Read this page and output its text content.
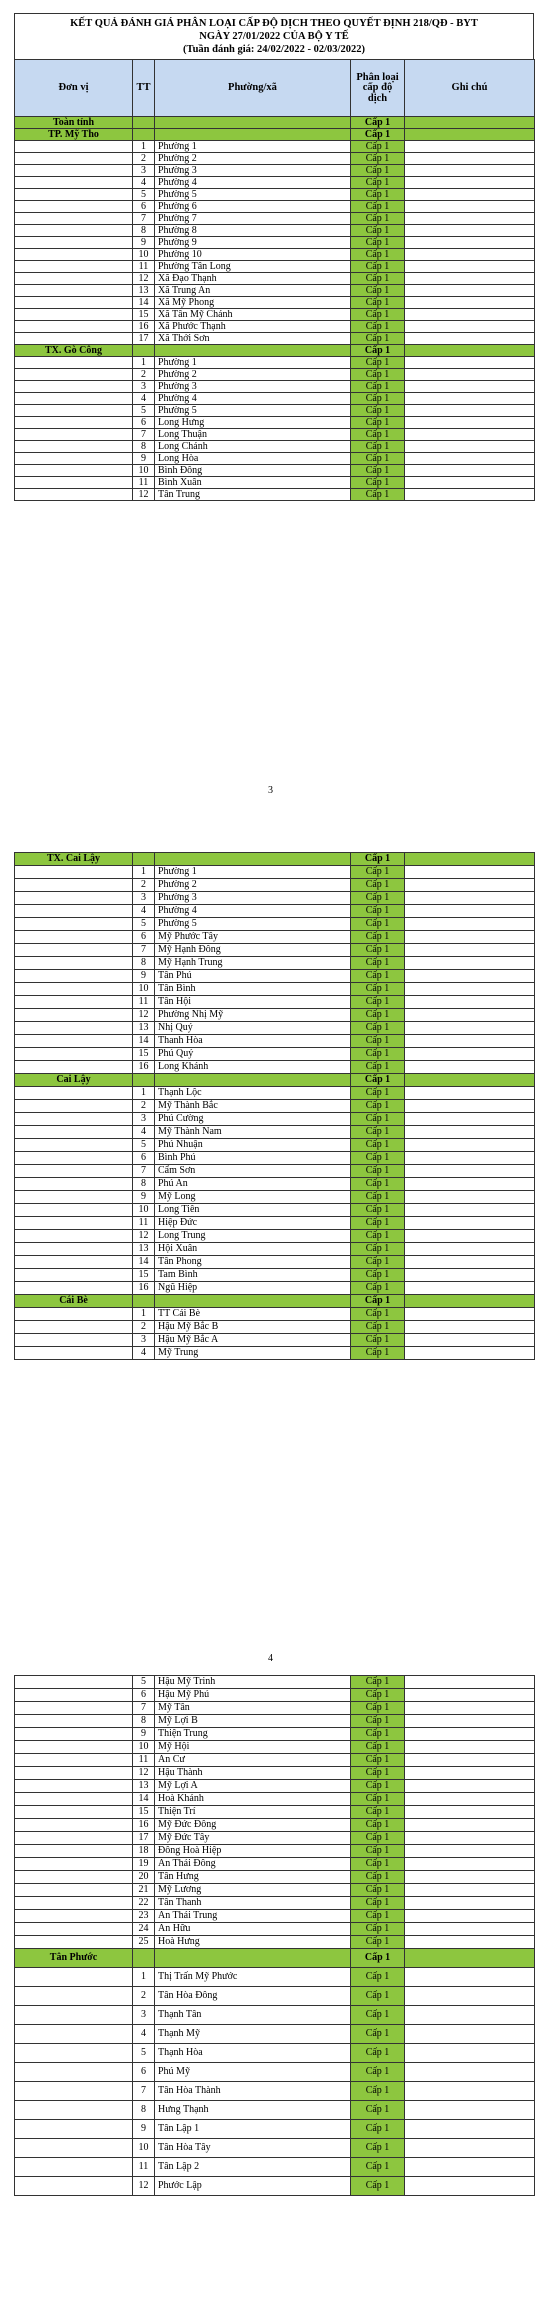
KẾT QUẢ ĐÁNH GIÁ PHÂN LOẠI CẤP ĐỘ DỊCH THEO QUYẾT ĐỊNH 218/QĐ - BYT
NGÀY 27/01/2022 CỦA BỘ Y TẾ
(Tuần đánh giá: 24/02/2022 - 02/03/2022)
Đơn vị	TT	Phường/xã	Phân loại cấp độ dịch	Ghi chú
Toàn tỉnh			Cấp 1	
TP. Mỹ Tho			Cấp 1	
	1	Phường 1	Cấp 1	
	2	Phường 2	Cấp 1	
	3	Phường 3	Cấp 1	
	4	Phường 4	Cấp 1	
	5	Phường 5	Cấp 1	
	6	Phường 6	Cấp 1	
	7	Phường 7	Cấp 1	
	8	Phường 8	Cấp 1	
	9	Phường 9	Cấp 1	
	10	Phường 10	Cấp 1	
	11	Phường Tân Long	Cấp 1	
	12	Xã Đạo Thạnh	Cấp 1	
	13	Xã Trung An	Cấp 1	
	14	Xã Mỹ Phong	Cấp 1	
	15	Xã Tân Mỹ Chánh	Cấp 1	
	16	Xã Phước Thạnh	Cấp 1	
	17	Xã Thới Sơn	Cấp 1	
TX. Gò Công			Cấp 1	
	1	Phường 1	Cấp 1	
	2	Phường 2	Cấp 1	
	3	Phường 3	Cấp 1	
	4	Phường 4	Cấp 1	
	5	Phường 5	Cấp 1	
	6	Long Hưng	Cấp 1	
	7	Long Thuận	Cấp 1	
	8	Long Chánh	Cấp 1	
	9	Long Hòa	Cấp 1	
	10	Bình Đông	Cấp 1	
	11	Bình Xuân	Cấp 1	
	12	Tân Trung	Cấp 1	
3
TX. Cai Lậy			Cấp 1	
	1	Phường 1	Cấp 1	
	2	Phường 2	Cấp 1	
	3	Phường 3	Cấp 1	
	4	Phường 4	Cấp 1	
	5	Phường 5	Cấp 1	
	6	Mỹ Phước Tây	Cấp 1	
	7	Mỹ Hạnh Đông	Cấp 1	
	8	Mỹ Hạnh Trung	Cấp 1	
	9	Tân Phú	Cấp 1	
	10	Tân Bình	Cấp 1	
	11	Tân Hội	Cấp 1	
	12	Phường Nhị Mỹ	Cấp 1	
	13	Nhị Quý	Cấp 1	
	14	Thanh Hòa	Cấp 1	
	15	Phú Quý	Cấp 1	
	16	Long Khánh	Cấp 1	
Cai Lậy			Cấp 1	
	1	Thạnh Lộc	Cấp 1	
	2	Mỹ Thành Bắc	Cấp 1	
	3	Phú Cường	Cấp 1	
	4	Mỹ Thành Nam	Cấp 1	
	5	Phú Nhuận	Cấp 1	
	6	Bình Phú	Cấp 1	
	7	Cẩm Sơn	Cấp 1	
	8	Phú An	Cấp 1	
	9	Mỹ Long	Cấp 1	
	10	Long Tiên	Cấp 1	
	11	Hiệp Đức	Cấp 1	
	12	Long Trung	Cấp 1	
	13	Hội Xuân	Cấp 1	
	14	Tân Phong	Cấp 1	
	15	Tam Bình	Cấp 1	
	16	Ngũ Hiệp	Cấp 1	
Cái Bè			Cấp 1	
	1	TT Cái Bè	Cấp 1	
	2	Hậu Mỹ Bắc B	Cấp 1	
	3	Hậu Mỹ Bắc A	Cấp 1	
	4	Mỹ Trung	Cấp 1	
4
	5	Hậu Mỹ Trinh	Cấp 1	
	6	Hậu Mỹ Phú	Cấp 1	
	7	Mỹ Tân	Cấp 1	
	8	Mỹ Lợi B	Cấp 1	
	9	Thiện Trung	Cấp 1	
	10	Mỹ Hội	Cấp 1	
	11	An Cư	Cấp 1	
	12	Hậu Thành	Cấp 1	
	13	Mỹ Lợi A	Cấp 1	
	14	Hoà Khánh	Cấp 1	
	15	Thiện Trí	Cấp 1	
	16	Mỹ Đức Đông	Cấp 1	
	17	Mỹ Đức Tây	Cấp 1	
	18	Đông Hoà Hiệp	Cấp 1	
	19	An Thái Đông	Cấp 1	
	20	Tân Hưng	Cấp 1	
	21	Mỹ Lương	Cấp 1	
	22	Tân Thanh	Cấp 1	
	23	An Thái Trung	Cấp 1	
	24	An Hữu	Cấp 1	
	25	Hoà Hưng	Cấp 1	
Tân Phước			Cấp 1	
	1	Thị Trấn Mỹ Phước	Cấp 1	
	2	Tân Hòa Đông	Cấp 1	
	3	Thạnh Tân	Cấp 1	
	4	Thạnh Mỹ	Cấp 1	
	5	Thạnh Hòa	Cấp 1	
	6	Phú Mỹ	Cấp 1	
	7	Tân Hòa Thành	Cấp 1	
	8	Hưng Thạnh	Cấp 1	
	9	Tân Lập 1	Cấp 1	
	10	Tân Hòa Tây	Cấp 1	
	11	Tân Lập 2	Cấp 1	
	12	Phước Lập	Cấp 1	
